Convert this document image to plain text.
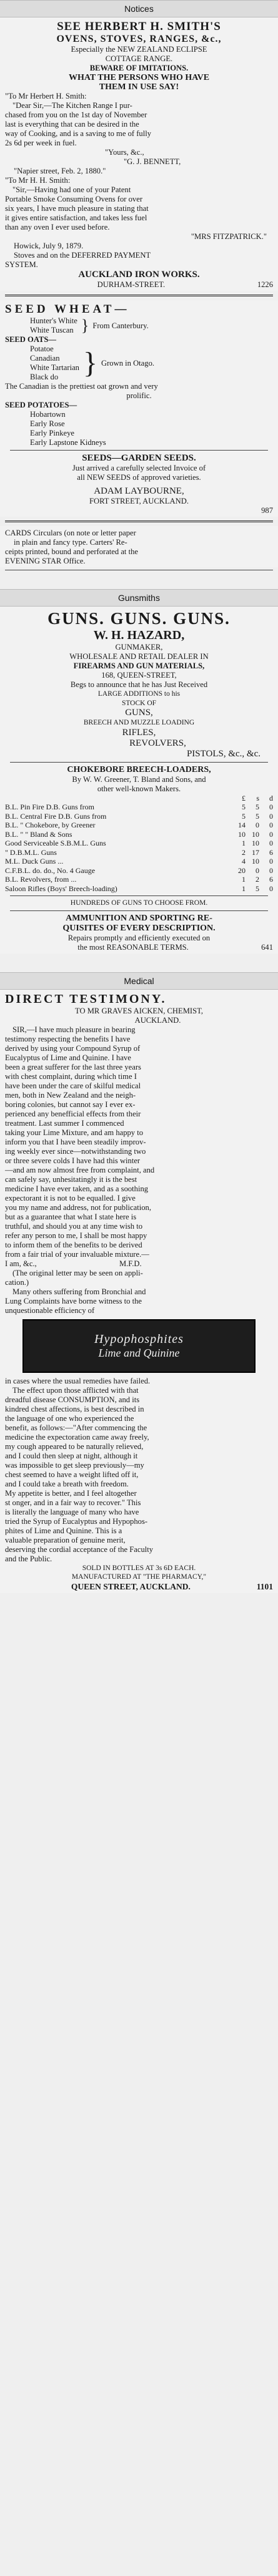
Notices

SEE HERBERT H. SMITH'S

OVENS, STOVES, RANGES, &c.,

Especially the NEW ZEALAND ECLIPSE

COTTAGE RANGE.

BEWARE OF IMITATIONS.

WHAT THE PERSONS WHO HAVE

THEM IN USE SAY!

"To Mr Herbert H. Smith:

"Dear Sir,—The Kitchen Range I pur-

chased from you on the 1st day of November

last is everything that can be desired in the

way of Cooking, and is a saving to me of fully

2s 6d per week in fuel.

"Yours, &c.,

"G. J. BENNETT,

"Napier street, Feb. 2, 1880."

"To Mr H. H. Smith:

"Sir,—Having had one of your Patent

Portable Smoke Consuming Ovens for over

six years, I have much pleasure in stating that

it gives entire satisfaction, and takes less fuel

than any oven I ever used before.

"MRS FITZPATRICK."

Howick, July 9, 1879.

Stoves and on the DEFERRED PAYMENT

SYSTEM.

AUCKLAND IRON WORKS.

DURHAM-STREET.	1226

SEED WHEAT—

Hunter's White

White Tuscan } From Canterbury.

SEED OATS—

Potatoe

Canadian

White Tartarian

Black do } Grown in Otago.

The Canadian is the prettiest oat grown and very

prolific.

SEED POTATOES—

Hobartown

Early Rose

Early Pinkeye

Early Lapstone Kidneys

SEEDS—GARDEN SEEDS.

Just arrived a carefully selected Invoice of

all NEW SEEDS of approved varieties.

ADAM LAYBOURNE,

FORT STREET, AUCKLAND.

987

CARDS Circulars (on note or letter paper

in plain and fancy type. Carters' Re-

ceipts printed, bound and perforated at the

EVENING STAR Office.

Gunsmiths

GUNS. GUNS. GUNS.

W. H. HAZARD,

GUNMAKER,

WHOLESALE AND RETAIL DEALER IN

FIREARMS AND GUN MATERIALS,

168, QUEEN-STREET,

Begs to announce that he has Just Received

LARGE ADDITIONS to his

STOCK OF

GUNS,

BREECH AND MUZZLE LOADING

RIFLES,

REVOLVERS,

PISTOLS, &c., &c.

CHOKEBORE BREECH-LOADERS,

By W. W. Greener, T. Bland and Sons, and

other well-known Makers.

	£	s	d
B.L. Pin Fire D.B. Guns from	5	5	0
B.L. Central Fire D.B. Guns from	5	5	0
B.L. " Chokebore, by Greener	14	0	0
B.L. " " Bland & Sons	10	10	0
Good Serviceable S.B.M.L. Guns	1	10	0
" D.B.M.L. Guns	2	17	6
M.L. Duck Guns ...	4	10	0
C.F.B.L. do. do., No. 4 Gauge	20	0	0
B.L. Revolvers, from ...	1	2	6
Saloon Rifles (Boys' Breech-loading)	1	5	0

HUNDREDS OF GUNS TO CHOOSE FROM.

AMMUNITION AND SPORTING RE-

QUISITES OF EVERY DESCRIPTION.

Repairs promptly and efficiently executed on

the most REASONABLE TERMS.	641

Medical

DIRECT TESTIMONY.

TO MR GRAVES AICKEN, CHEMIST,

AUCKLAND.

SIR,—I have much pleasure in bearing

testimony respecting the benefits I have

derived by using your Compound Syrup of

Eucalyptus of Lime and Quinine. I have

been a great sufferer for the last three years

with chest complaint, during which time I

have been under the care of skilful medical

men, both in New Zealand and the neigh-

boring colonies, but cannot say I ever ex-

perienced any benefficial effects from their

treatment. Last summer I commenced

taking your Lime Mixture, and am happy to

inform you that I have been steadily improv-

ing weekly ever since—notwithstanding two

or three severe colds I have had this winter

—and am now almost free from complaint, and

can safely say, unhesitatingly it is the best

medicine I have ever taken, and as a soothing

expectorant it is not to be equalled. I give

you my name and address, not for publication,

but as a guarantee that what I state here is

truthful, and should you at any time wish to

refer any person to me, I shall be most happy

to inform them of the benefits to be derived

from a fair trial of your invaluable mixture.—

I am, &c.,                                          M.F.D.

(The original letter may be seen on appli-

cation.)

Many others suffering from Bronchial and

Lung Complaints have borne witness to the

unquestionable efficiency of

Hypophosphites
Lime and Quinine

in cases where the usual remedies have failed.

The effect upon those afflicted with that

dreadful disease CONSUMPTION, and its

kindred chest affections, is best described in

the language of one who experienced the

benefit, as follows:—"After commencing the

medicine the expectoration came away freely,

my cough appeared to be naturally relieved,

and I could then sleep at night, although it

was impossible to get sleep previously—my

chest seemed to have a weight lifted off it,

and I could take a breath with freedom.

My appetite is better, and I feel altogether

st onger, and in a fair way to recover." This

is literally the language of many who have

tried the Syrup of Eucalyptus and Hypophos-

phites of Lime and Quinine. This is a

valuable preparation of genuine merit,

deserving the cordial acceptance of the Faculty

and the Public.

SOLD IN BOTTLES AT 3s 6D EACH.

MANUFACTURED AT "THE PHARMACY,"

QUEEN STREET, AUCKLAND.	1101
